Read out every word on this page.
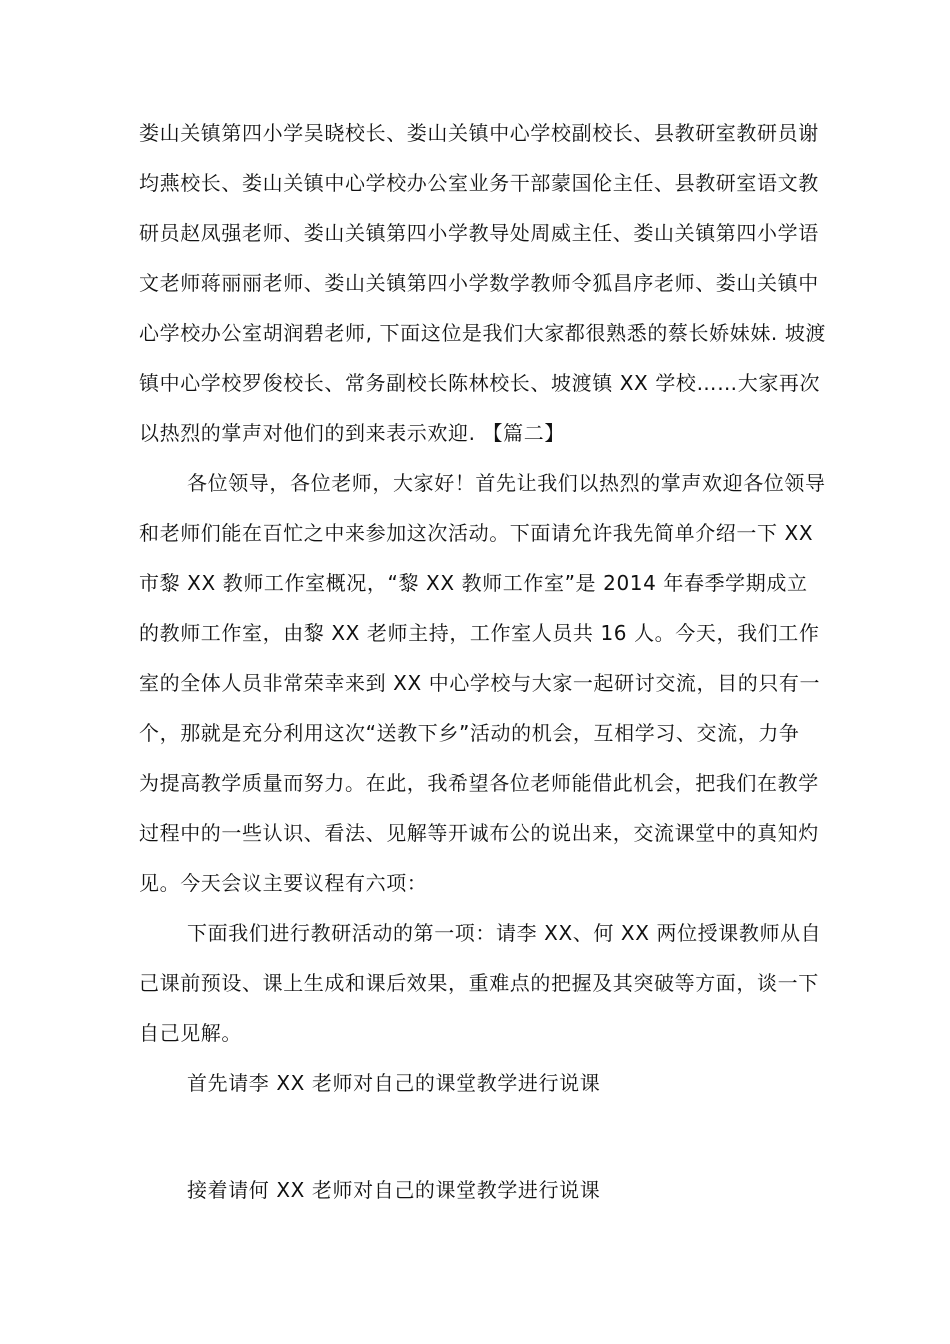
娄山关镇第四小学吴晓校长、娄山关镇中心学校副校长、县教研室教研员谢
均燕校长、娄山关镇中心学校办公室业务干部蒙国伦主任、县教研室语文教
研员赵凤强老师、娄山关镇第四小学教导处周威主任、娄山关镇第四小学语
文老师蒋丽丽老师、娄山关镇第四小学数学教师令狐昌序老师、娄山关镇中
心学校办公室胡润碧老师, 下面这位是我们大家都很熟悉的蔡长娇妹妹. 坡渡
镇中心学校罗俊校长、常务副校长陈林校长、坡渡镇 XX 学校……大家再次
以热烈的掌声对他们的到来表示欢迎. 【篇二】
各位领导，各位老师，大家好！首先让我们以热烈的掌声欢迎各位领导
和老师们能在百忙之中来参加这次活动。下面请允许我先简单介绍一下 XX
市黎 XX 教师工作室概况，“黎 XX 教师工作室”是 2014 年春季学期成立
的教师工作室，由黎 XX 老师主持，工作室人员共 16 人。今天，我们工作
室的全体人员非常荣幸来到 XX 中心学校与大家一起研讨交流，目的只有一
个，那就是充分利用这次“送教下乡”活动的机会，互相学习、交流，力争
为提高教学质量而努力。在此，我希望各位老师能借此机会，把我们在教学
过程中的一些认识、看法、见解等开诚布公的说出来，交流课堂中的真知灼
见。今天会议主要议程有六项：
下面我们进行教研活动的第一项：请李 XX、何 XX 两位授课教师从自
己课前预设、课上生成和课后效果，重难点的把握及其突破等方面，谈一下
自己见解。
首先请李 XX 老师对自己的课堂教学进行说课
接着请何 XX 老师对自己的课堂教学进行说课
